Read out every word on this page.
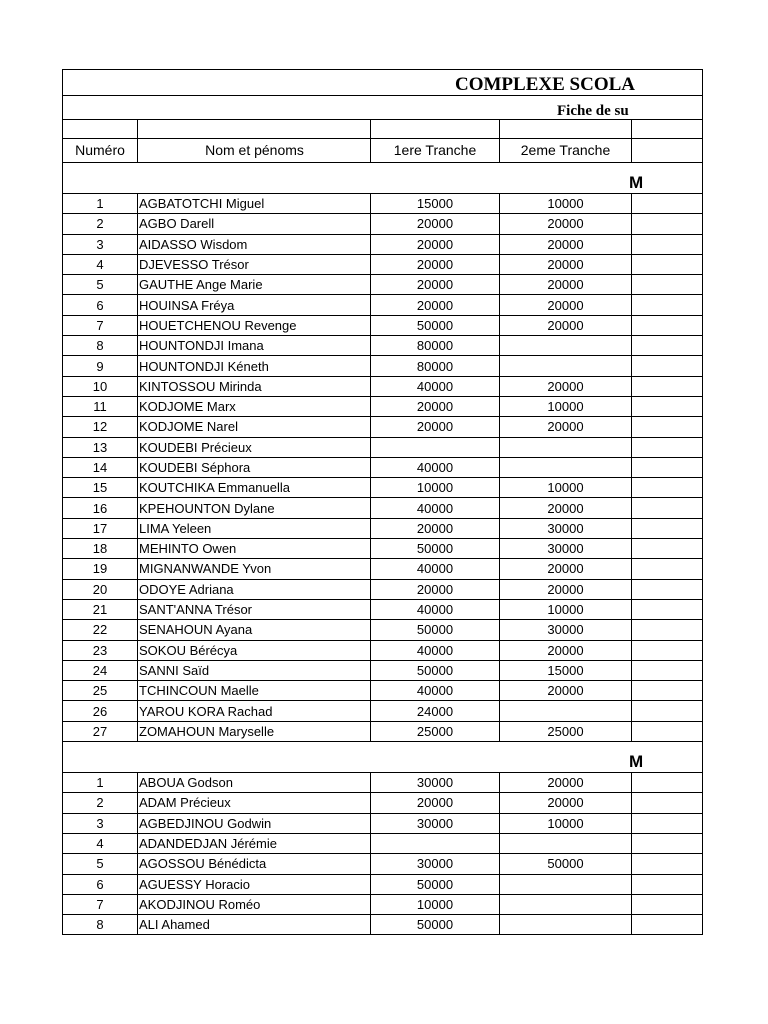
COMPLEXE SCOLA				

Fiche de su				

Numéro	Nom et pénoms	1ere Tranche	2eme Tranche	

M				

1	AGBATOTCHI Miguel	15000	10000	
2	AGBO Darell	20000	20000	
3	AIDASSO Wisdom	20000	20000	
4	DJEVESSO Trésor	20000	20000	
5	GAUTHE Ange Marie	20000	20000	
6	HOUINSA Fréya	20000	20000	
7	HOUETCHENOU Revenge	50000	20000	
8	HOUNTONDJI Imana	80000		
9	HOUNTONDJI Kéneth	80000		
10	KINTOSSOU Mirinda	40000	20000	
11	KODJOME Marx	20000	10000	
12	KODJOME Narel	20000	20000	
13	KOUDEBI Précieux			
14	KOUDEBI Séphora	40000		
15	KOUTCHIKA Emmanuella	10000	10000	
16	KPEHOUNTON Dylane	40000	20000	
17	LIMA Yeleen	20000	30000	
18	MEHINTO Owen	50000	30000	
19	MIGNANWANDE Yvon	40000	20000	
20	ODOYE Adriana	20000	20000	
21	SANT'ANNA Trésor	40000	10000	
22	SENAHOUN Ayana	50000	30000	
23	SOKOU Bérécya	40000	20000	
24	SANNI Saïd	50000	15000	
25	TCHINCOUN Maelle	40000	20000	
26	YAROU KORA Rachad	24000		
27	ZOMAHOUN Maryselle	25000	25000	

M				

1	ABOUA Godson	30000	20000	
2	ADAM Précieux	20000	20000	
3	AGBEDJINOU Godwin	30000	10000	
4	ADANDEDJAN Jérémie			
5	AGOSSOU Bénédicta	30000	50000	
6	AGUESSY Horacio	50000		
7	AKODJINOU Roméo	10000		
8	ALI Ahamed	50000		
